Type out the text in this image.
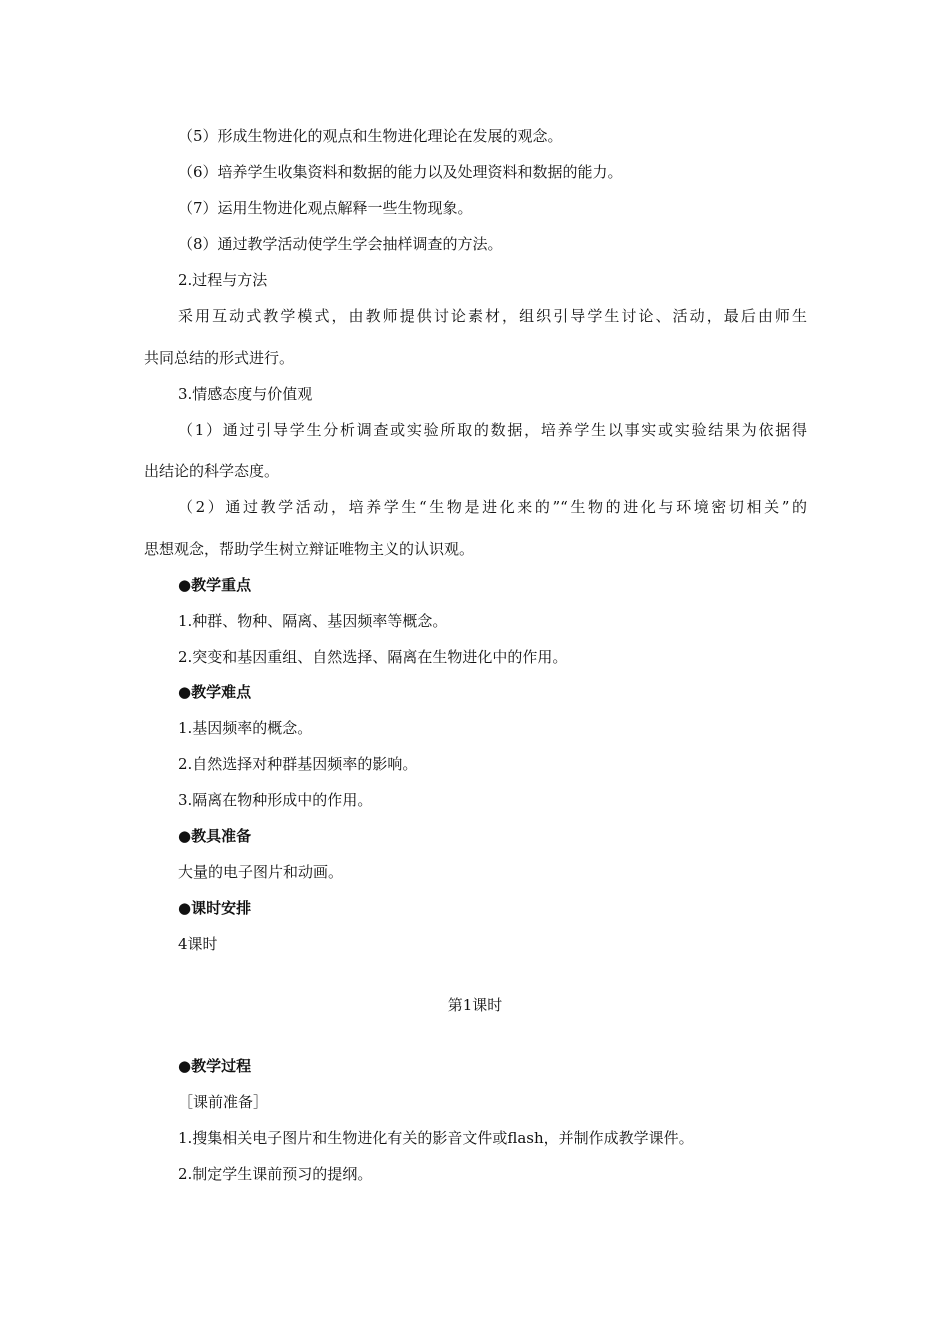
（5）形成生物进化的观点和生物进化理论在发展的观念。
（6）培养学生收集资料和数据的能力以及处理资料和数据的能力。
（7）运用生物进化观点解释一些生物现象。
（8）通过教学活动使学生学会抽样调查的方法。
2.过程与方法
采用互动式教学模式，由教师提供讨论素材，组织引导学生讨论、活动，最后由师生
共同总结的形式进行。
3.情感态度与价值观
（1）通过引导学生分析调查或实验所取的数据，培养学生以事实或实验结果为依据得
出结论的科学态度。
（2）通过教学活动，培养学生“生物是进化来的”“生物的进化与环境密切相关”的
思想观念，帮助学生树立辩证唯物主义的认识观。
●教学重点
1.种群、物种、隔离、基因频率等概念。
2.突变和基因重组、自然选择、隔离在生物进化中的作用。
●教学难点
1.基因频率的概念。
2.自然选择对种群基因频率的影响。
3.隔离在物种形成中的作用。
●教具准备
大量的电子图片和动画。
●课时安排
4课时
第1课时
●教学过程
［课前准备］
1.搜集相关电子图片和生物进化有关的影音文件或flash，并制作成教学课件。
2.制定学生课前预习的提纲。
